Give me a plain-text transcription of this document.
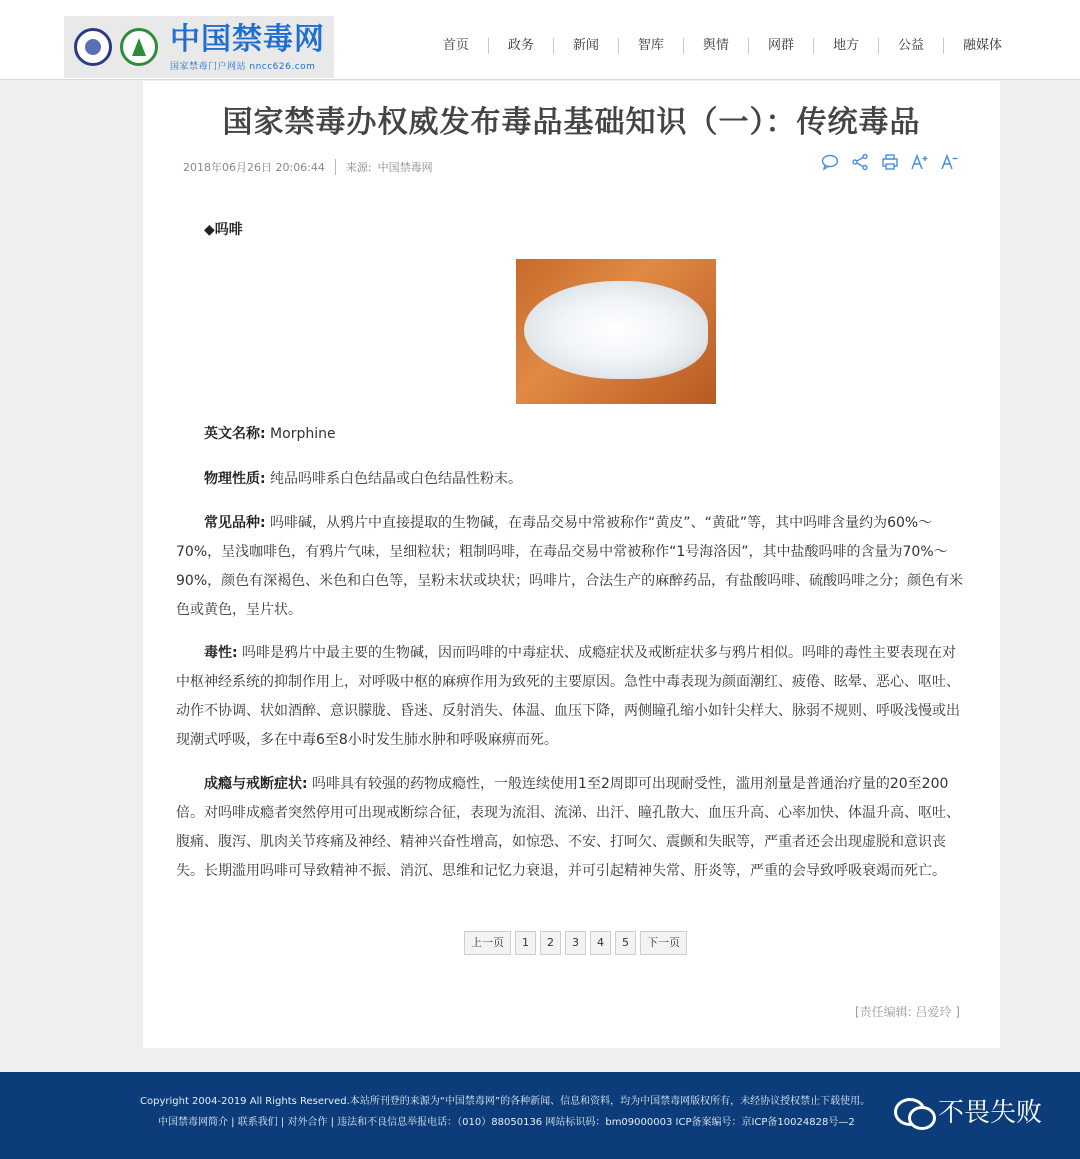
中国禁毒网
国家禁毒门户网站 nncc626.com
首页	政务	新闻	智库	舆情	网群	地方	公益	融媒体
国家禁毒办权威发布毒品基础知识（一）：传统毒品
2018年06月26日 20:06:44 来源: 中国禁毒网
◆吗啡

英文名称: Morphine

物理性质: 纯品吗啡系白色结晶或白色结晶性粉末。

常见品种: 吗啡碱，从鸦片中直接提取的生物碱，在毒品交易中常被称作“黄皮”、“黄砒”等，其中吗啡含量约为60%～70%，呈浅咖啡色，有鸦片气味，呈细粒状；粗制吗啡，在毒品交易中常被称作“1号海洛因”，其中盐酸吗啡的含量为70%～90%，颜色有深褐色、米色和白色等，呈粉末状或块状；吗啡片，合法生产的麻醉药品，有盐酸吗啡、硫酸吗啡之分；颜色有米色或黄色，呈片状。

毒性: 吗啡是鸦片中最主要的生物碱，因而吗啡的中毒症状、成瘾症状及戒断症状多与鸦片相似。吗啡的毒性主要表现在对中枢神经系统的抑制作用上，对呼吸中枢的麻痹作用为致死的主要原因。急性中毒表现为颜面潮红、疲倦、眩晕、恶心、呕吐、动作不协调、状如酒醉、意识朦胧、昏迷、反射消失、体温、血压下降，两侧瞳孔缩小如针尖样大、脉弱不规则、呼吸浅慢或出现潮式呼吸，多在中毒6至8小时发生肺水肿和呼吸麻痹而死。

成瘾与戒断症状: 吗啡具有较强的药物成瘾性，一般连续使用1至2周即可出现耐受性，滥用剂量是普通治疗量的20至200倍。对吗啡成瘾者突然停用可出现戒断综合征，表现为流泪、流涕、出汗、瞳孔散大、血压升高、心率加快、体温升高、呕吐、腹痛、腹泻、肌肉关节疼痛及神经、精神兴奋性增高，如惊恐、不安、打呵欠、震颤和失眠等，严重者还会出现虚脱和意识丧失。长期滥用吗啡可导致精神不振、消沉、思维和记忆力衰退，并可引起精神失常、肝炎等，严重的会导致呼吸衰竭而死亡。

上一页	1	2	3	4	5	下一页
[责任编辑: 吕爱玲 ]
Copyright 2004-2019 All Rights Reserved.本站所刊登的来源为“中国禁毒网”的各种新闻、信息和资料，均为中国禁毒网版权所有，未经协议授权禁止下载使用。
中国禁毒网简介 | 联系我们 | 对外合作 | 违法和不良信息举报电话：（010）88050136 网站标识码：bm09000003 ICP备案编号：京ICP备10024828号—2	不畏失败
